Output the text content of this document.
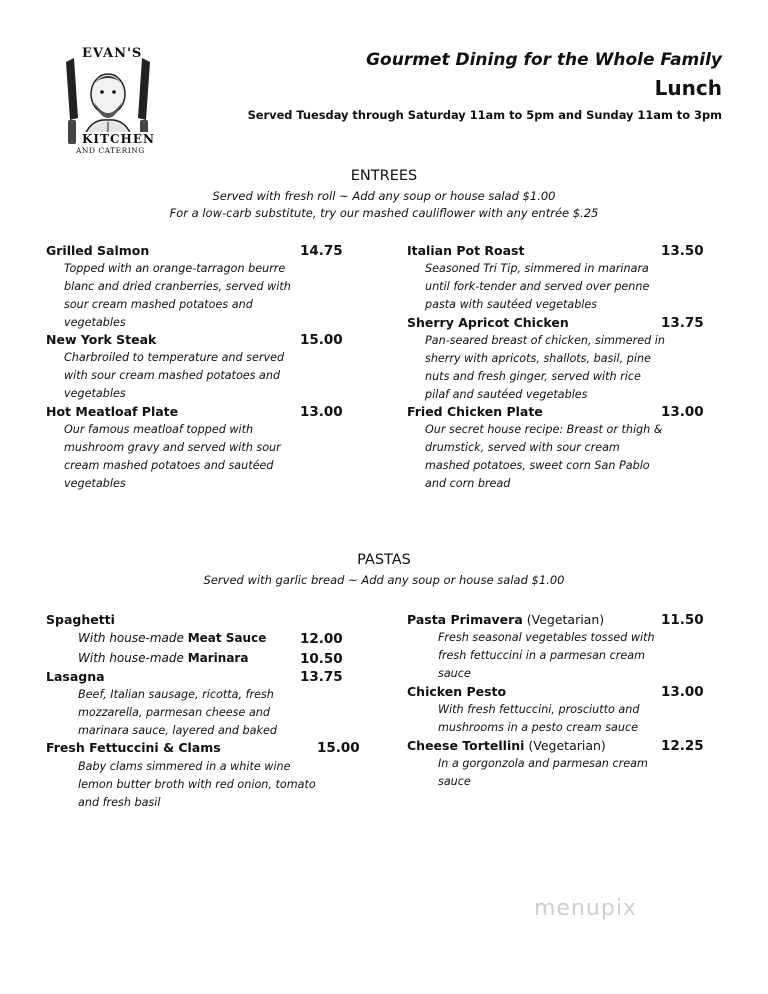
EVAN'S
KITCHEN
AND CATERING
Gourmet Dining for the Whole Family
Lunch
Served Tuesday through Saturday 11am to 5pm and Sunday 11am to 3pm
ENTREES
Served with fresh roll ~ Add any soup or house salad $1.00
For a low-carb substitute, try our mashed cauliflower with any entrée $.25
Grilled Salmon	14.75
Topped with an orange-tarragon beurre blanc and dried cranberries, served with sour cream mashed potatoes and vegetables
New York Steak	15.00
Charbroiled to temperature and served with sour cream mashed potatoes and vegetables
Hot Meatloaf Plate	13.00
Our famous meatloaf topped with mushroom gravy and served with sour cream mashed potatoes and sautéed vegetables
Italian Pot Roast	13.50
Seasoned Tri Tip, simmered in marinara until fork-tender and served over penne pasta with sautéed vegetables
Sherry Apricot Chicken	13.75
Pan-seared breast of chicken, simmered in sherry with apricots, shallots, basil, pine nuts and fresh ginger, served with rice pilaf and sautéed vegetables
Fried Chicken Plate	13.00
Our secret house recipe: Breast or thigh & drumstick, served with sour cream mashed potatoes, sweet corn San Pablo and corn bread
PASTAS
Served with garlic bread ~ Add any soup or house salad $1.00
Spaghetti
With house-made Meat Sauce 12.00
With house-made Marinara	10.50
Lasagna	13.75
Beef, Italian sausage, ricotta, fresh mozzarella, parmesan cheese and marinara sauce, layered and baked
Fresh Fettuccini & Clams	15.00
Baby clams simmered in a white wine lemon butter broth with red onion, tomato and fresh basil
Pasta Primavera (Vegetarian)	11.50
Fresh seasonal vegetables tossed with fresh fettuccini in a parmesan cream sauce
Chicken Pesto	13.00
With fresh fettuccini, prosciutto and mushrooms in a pesto cream sauce
Cheese Tortellini (Vegetarian)	12.25
In a gorgonzola and parmesan cream sauce
menupix
